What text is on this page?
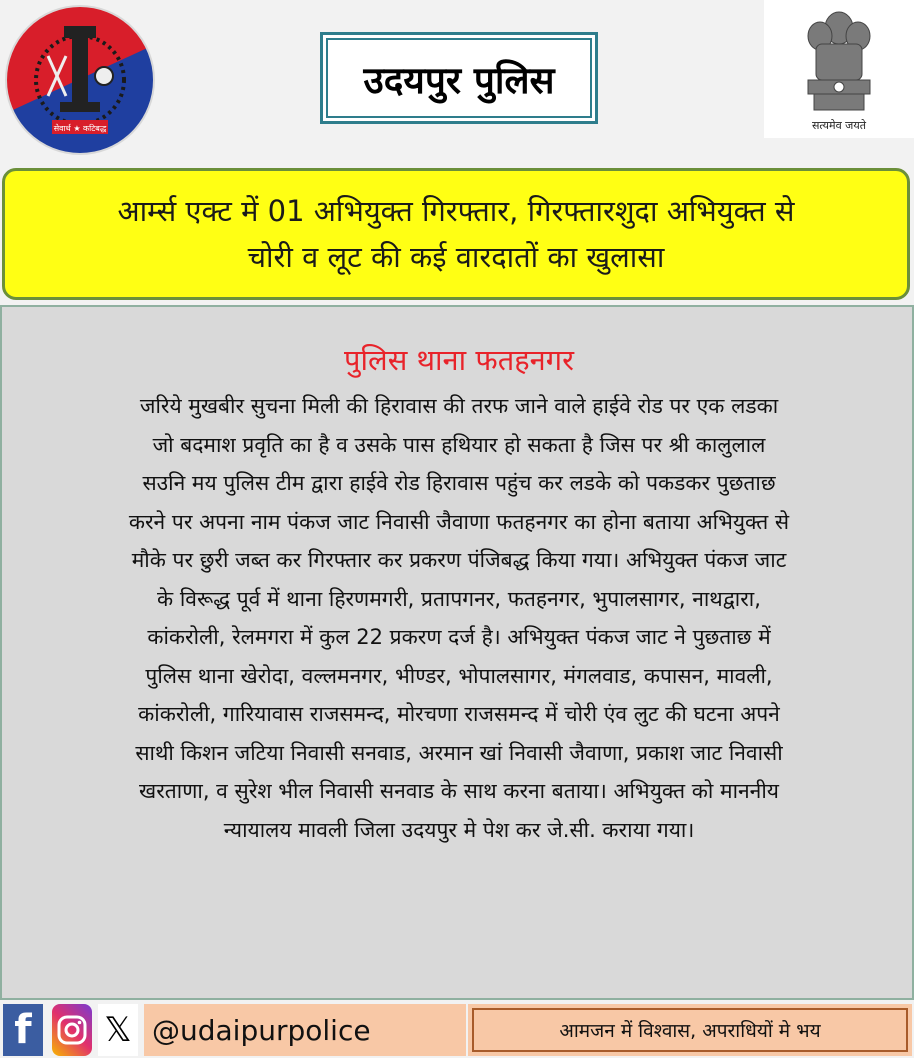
सेवार्थ ★ कटिबद्ध
उदयपुर पुलिस
सत्यमेव जयते
आर्म्स एक्ट में 01 अभियुक्त गिरफ्तार, गिरफ्तारशुदा अभियुक्त से
चोरी व लूट की कई वारदातों का खुलासा
पुलिस थाना फतहनगर
जरिये मुखबीर सुचना मिली की हिरावास की तरफ जाने वाले हाईवे रोड पर एक लडका
जो बदमाश प्रवृति का है व उसके पास हथियार हो सकता है जिस पर श्री कालुलाल
सउनि मय पुलिस टीम द्वारा हाईवे रोड हिरावास पहुंच कर लडके को पकडकर पुछताछ
करने पर अपना नाम पंकज जाट निवासी जैवाणा फतहनगर का होना बताया अभियुक्त से
मौके पर छुरी जब्त कर गिरफ्तार कर प्रकरण पंजिबद्ध किया गया। अभियुक्त पंकज जाट
के विरूद्ध पूर्व में थाना हिरणमगरी, प्रतापगनर, फतहनगर, भुपालसागर, नाथद्वारा,
कांकरोली, रेलमगरा में कुल 22 प्रकरण दर्ज है। अभियुक्त पंकज जाट ने पुछताछ में
पुलिस थाना खेरोदा, वल्लमनगर, भीण्डर, भोपालसागर, मंगलवाड, कपासन, मावली,
कांकरोली, गारियावास राजसमन्द, मोरचणा राजसमन्द में चोरी एंव लुट की घटना अपने
साथी किशन जटिया निवासी सनवाड, अरमान खां निवासी जैवाणा, प्रकाश जाट निवासी
खरताणा, व सुरेश भील निवासी सनवाड के साथ करना बताया। अभियुक्त को माननीय
न्यायालय मावली जिला उदयपुर मे पेश कर जे.सी. कराया गया।
f	𝕏 @udaipurpolice	आमजन में विश्वास, अपराधियों मे भय
